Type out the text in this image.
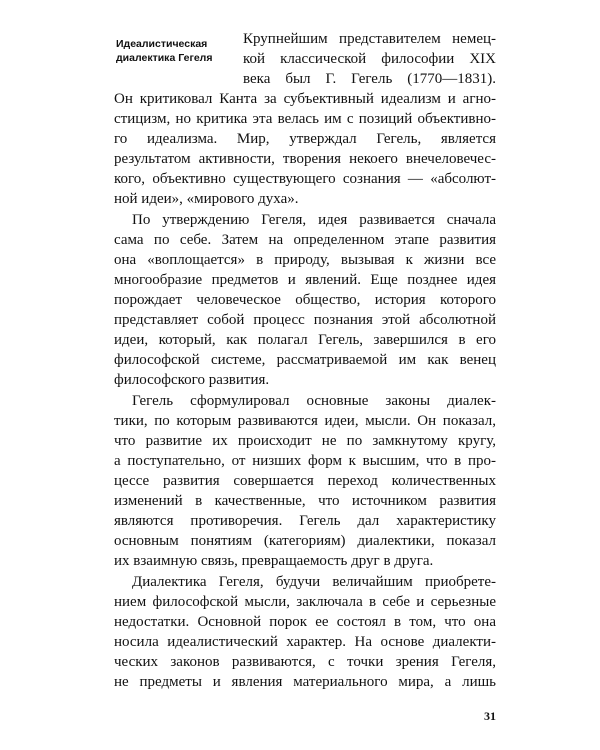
Идеалистическая
диалектика Гегеля
Крупнейшим представителем немец-
кой классической философии XIX
века был Г. Гегель (1770—1831).
Он критиковал Канта за субъективный идеализм и агно-
стицизм, но критика эта велась им с позиций объективно-
го идеализма. Мир, утверждал Гегель, является
результатом активности, творения некоего внечеловечес-
кого, объективно существующего сознания — «абсолют-
ной идеи», «мирового духа».
По утверждению Гегеля, идея развивается сначала
сама по себе. Затем на определенном этапе развития
она «воплощается» в природу, вызывая к жизни все
многообразие предметов и явлений. Еще позднее идея
порождает человеческое общество, история которого
представляет собой процесс познания этой абсолютной
идеи, который, как полагал Гегель, завершился в его
философской системе, рассматриваемой им как венец
философского развития.
Гегель сформулировал основные законы диалек-
тики, по которым развиваются идеи, мысли. Он показал,
что развитие их происходит не по замкнутому кругу,
а поступательно, от низших форм к высшим, что в про-
цессе развития совершается переход количественных
изменений в качественные, что источником развития
являются противоречия. Гегель дал характеристику
основным понятиям (категориям) диалектики, показал
их взаимную связь, превращаемость друг в друга.
Диалектика Гегеля, будучи величайшим приобрете-
нием философской мысли, заключала в себе и серьезные
недостатки. Основной порок ее состоял в том, что она
носила идеалистический характер. На основе диалекти-
ческих законов развиваются, с точки зрения Гегеля,
не предметы и явления материального мира, а лишь
31
